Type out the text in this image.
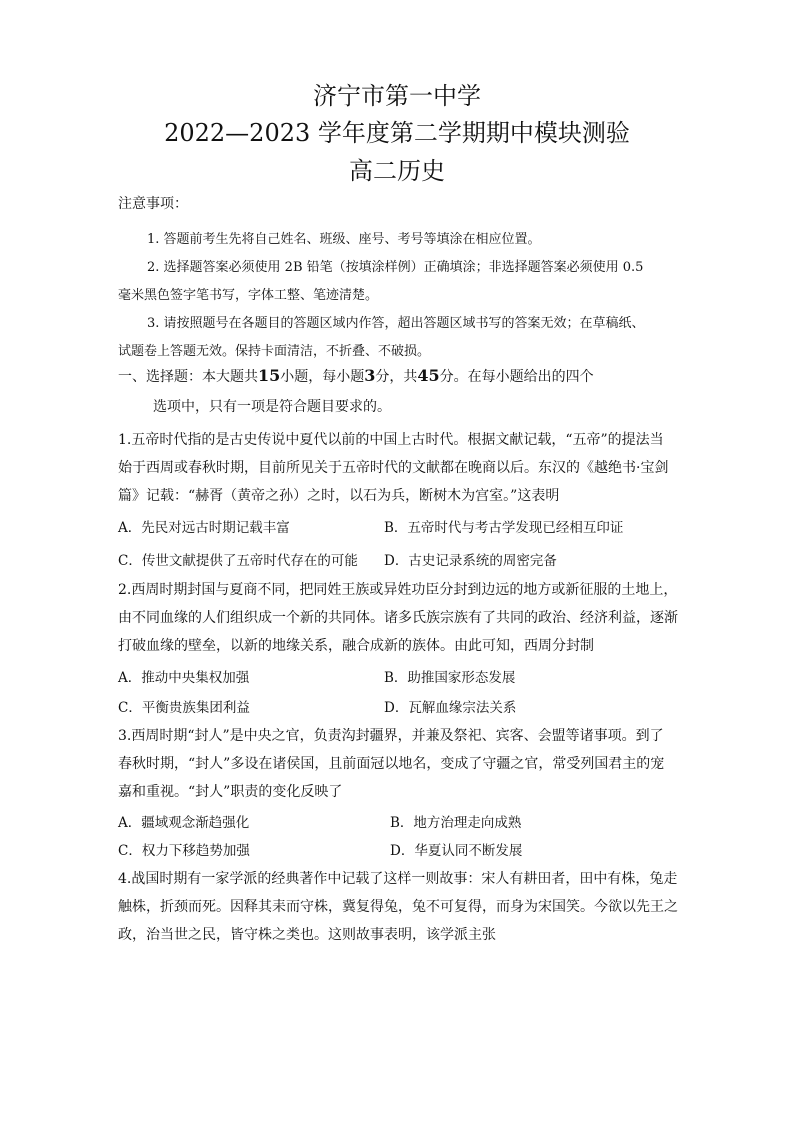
济宁市第一中学
2022—2023 学年度第二学期期中模块测验
高二历史
注意事项：
1. 答题前考生先将自己姓名、班级、座号、考号等填涂在相应位置。
2. 选择题答案必须使用 2B 铅笔（按填涂样例）正确填涂；非选择题答案必须使用 0.5
毫米黑色签字笔书写，字体工整、笔迹清楚。
3. 请按照题号在各题目的答题区域内作答，超出答题区域书写的答案无效；在草稿纸、
试题卷上答题无效。保持卡面清洁，不折叠、不破损。
一、选择题：本大题共15小题，每小题3分，共45分。在每小题给出的四个
选项中，只有一项是符合题目要求的。
1.五帝时代指的是古史传说中夏代以前的中国上古时代。根据文献记载，“五帝”的提法当
始于西周或春秋时期，目前所见关于五帝时代的文献都在晚商以后。东汉的《越绝书·宝剑
篇》记载：“赫胥（黄帝之孙）之时，以石为兵，断树木为宫室。”这表明
A．先民对远古时期记载丰富	B．五帝时代与考古学发现已经相互印证
C．传世文献提供了五帝时代存在的可能 D．古史记录系统的周密完备
2.西周时期封国与夏商不同，把同姓王族或异姓功臣分封到边远的地方或新征服的土地上，
由不同血缘的人们组织成一个新的共同体。诸多氏族宗族有了共同的政治、经济利益，逐渐
打破血缘的壁垒，以新的地缘关系，融合成新的族体。由此可知，西周分封制
A．推动中央集权加强	B．助推国家形态发展
C．平衡贵族集团利益	D．瓦解血缘宗法关系
3.西周时期“封人”是中央之官，负责沟封疆界，并兼及祭祀、宾客、会盟等诸事项。到了
春秋时期，“封人”多设在诸侯国，且前面冠以地名，变成了守疆之官，常受列国君主的宠
嘉和重视。“封人”职责的变化反映了
A．疆域观念渐趋强化	B．地方治理走向成熟
C．权力下移趋势加强	D．华夏认同不断发展
4.战国时期有一家学派的经典著作中记载了这样一则故事：宋人有耕田者，田中有株，兔走
触株，折颈而死。因释其耒而守株，冀复得兔，兔不可复得，而身为宋国笑。今欲以先王之
政，治当世之民，皆守株之类也。这则故事表明，该学派主张
